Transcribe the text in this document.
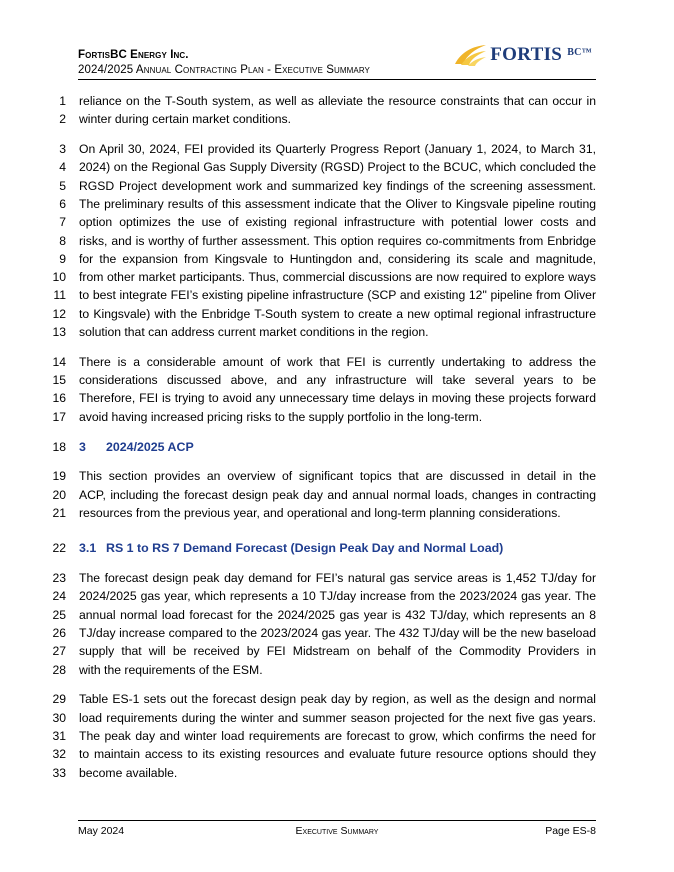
FortisBC Energy Inc.
2024/2025 Annual Contracting Plan - Executive Summary
FORTIS $^{BC™}$
1 reliance on the T-South system, as well as alleviate the resource constraints that can occur in
2 winter during certain market conditions.
3 On April 30, 2024, FEI provided its Quarterly Progress Report (January 1, 2024, to March 31,
4 2024) on the Regional Gas Supply Diversity (RGSD) Project to the BCUC, which concluded the
5 RGSD Project development work and summarized key findings of the screening assessment.
6 The preliminary results of this assessment indicate that the Oliver to Kingsvale pipeline routing
7 option optimizes the use of existing regional infrastructure with potential lower costs and
8 risks, and is worthy of further assessment. This option requires co-commitments from Enbridge
9 for the expansion from Kingsvale to Huntingdon and, considering its scale and magnitude,
10 from other market participants. Thus, commercial discussions are now required to explore ways
11 to best integrate FEI’s existing pipeline infrastructure (SCP and existing 12" pipeline from Oliver
12 to Kingsvale) with the Enbridge T-South system to create a new optimal regional infrastructure
13 solution that can address current market conditions in the region.
14 There is a considerable amount of work that FEI is currently undertaking to address the
15 considerations discussed above, and any infrastructure will take several years to be
16 Therefore, FEI is trying to avoid any unnecessary time delays in moving these projects forward
17 avoid having increased pricing risks to the supply portfolio in the long-term.
18 3 2024/2025 ACP
19 This section provides an overview of significant topics that are discussed in detail in the
20 ACP, including the forecast design peak day and annual normal loads, changes in contracting
21 resources from the previous year, and operational and long-term planning considerations.
22 3.1 RS 1 to RS 7 Demand Forecast (Design Peak Day and Normal Load)
23 The forecast design peak day demand for FEI’s natural gas service areas is 1,452 TJ/day for
24 2024/2025 gas year, which represents a 10 TJ/day increase from the 2023/2024 gas year. The
25 annual normal load forecast for the 2024/2025 gas year is 432 TJ/day, which represents an 8
26 TJ/day increase compared to the 2023/2024 gas year. The 432 TJ/day will be the new baseload
27 supply that will be received by FEI Midstream on behalf of the Commodity Providers in
28 with the requirements of the ESM.
29 Table ES-1 sets out the forecast design peak day by region, as well as the design and normal
30 load requirements during the winter and summer season projected for the next five gas years.
31 The peak day and winter load requirements are forecast to grow, which confirms the need for
32 to maintain access to its existing resources and evaluate future resource options should they
33 become available.
May 2024	Executive Summary	Page ES-8
